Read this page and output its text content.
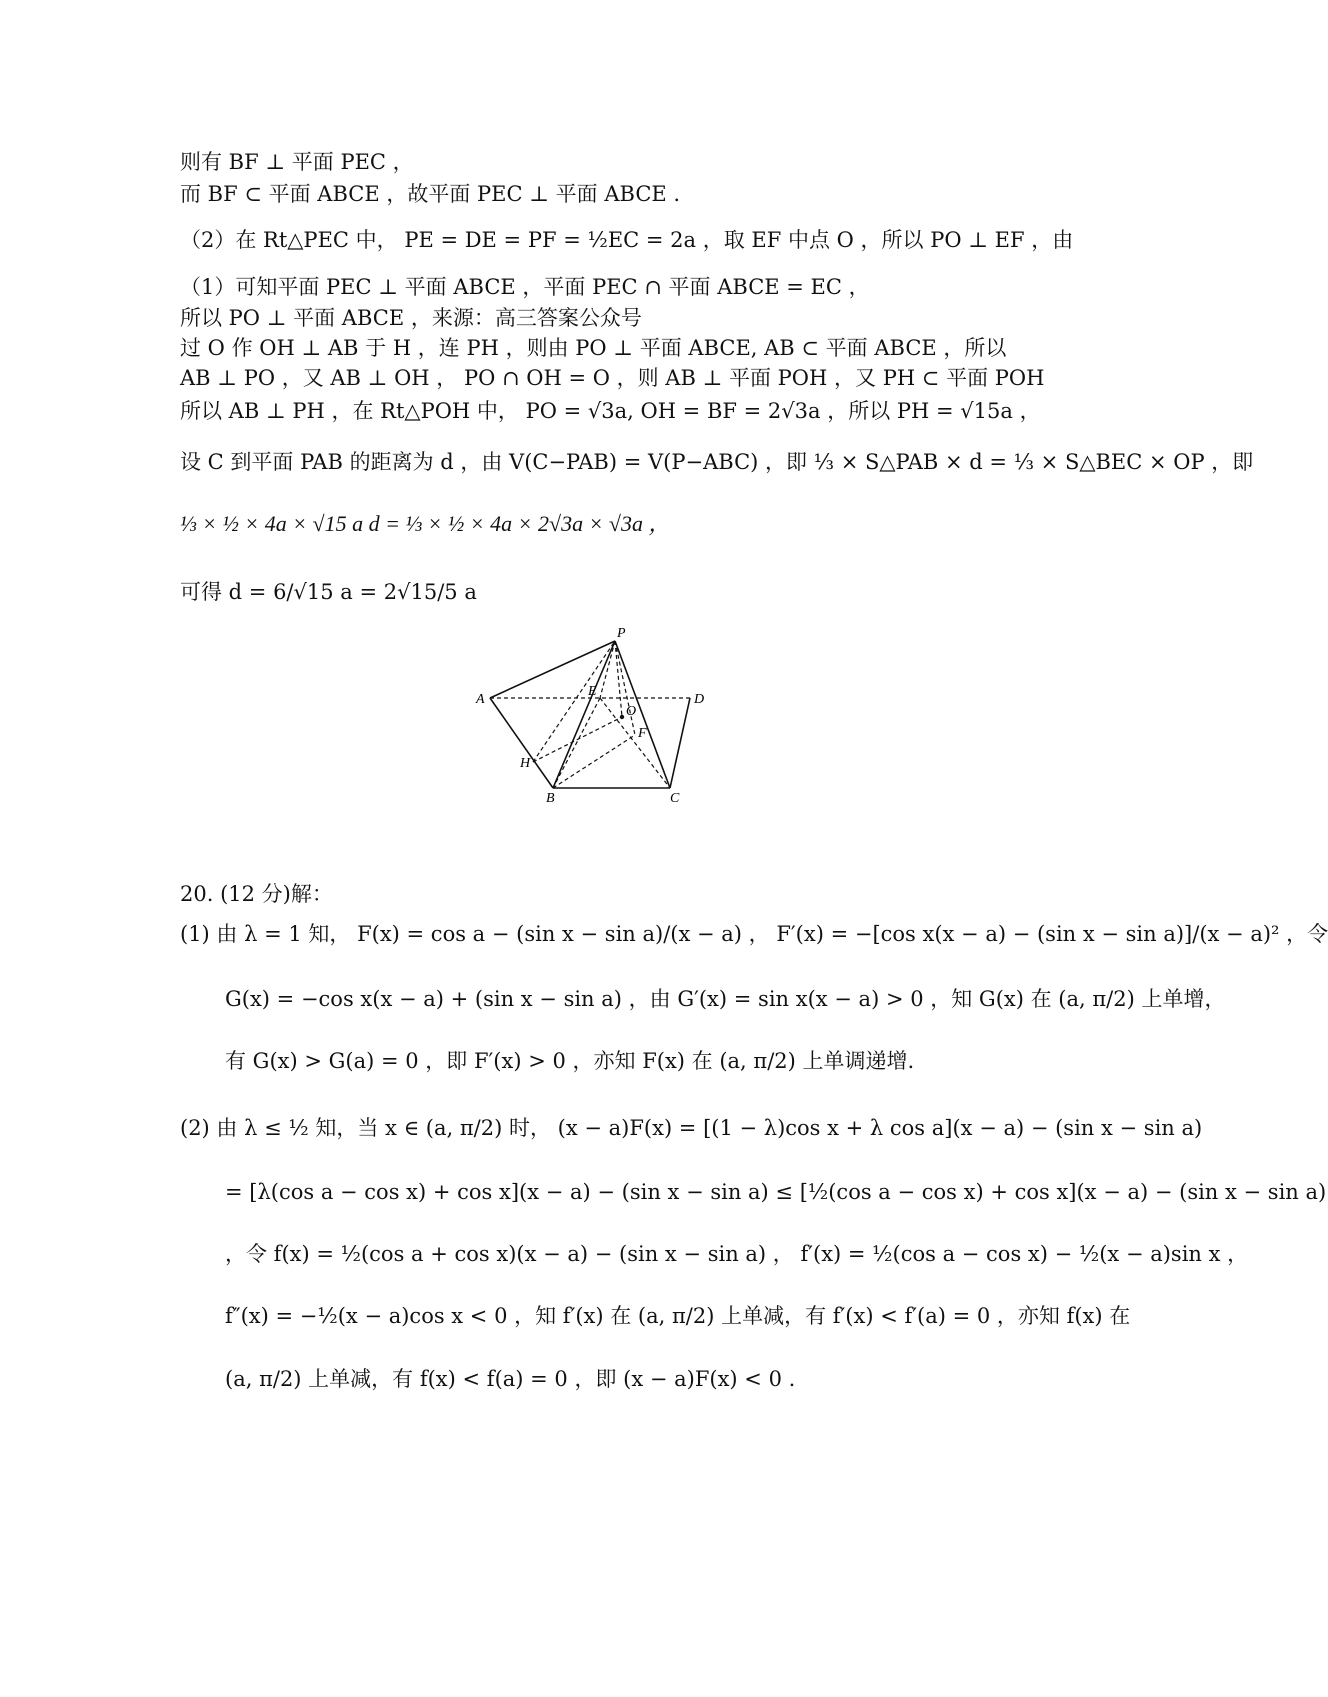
则有 BF ⊥ 平面 PEC ，
而 BF ⊂ 平面 ABCE ，故平面 PEC ⊥ 平面 ABCE .
（2）在 Rt△PEC 中， PE = DE = PF = ½EC = 2a ，取 EF 中点 O ，所以 PO ⊥ EF ，由
（1）可知平面 PEC ⊥ 平面 ABCE ，平面 PEC ∩ 平面 ABCE = EC ，
所以 PO ⊥ 平面 ABCE ，来源：高三答案公众号
过 O 作 OH ⊥ AB 于 H ，连 PH ，则由 PO ⊥ 平面 ABCE, AB ⊂ 平面 ABCE ，所以
AB ⊥ PO ，又 AB ⊥ OH ， PO ∩ OH = O ，则 AB ⊥ 平面 POH ，又 PH ⊂ 平面 POH
所以 AB ⊥ PH ，在 Rt△POH 中， PO = √3a, OH = BF = 2√3a ，所以 PH = √15a ，
设 C 到平面 PAB 的距离为 d ，由 V(C−PAB) = V(P−ABC) ，即 ⅓ × S△PAB × d = ⅓ × S△BEC × OP ，即
⅓ × ½ × 4a × √15 a d = ⅓ × ½ × 4a × 2√3a × √3a ，
可得 d = 6/√15 a = 2√15/5 a
P
A
E
D
O
F
H
B	C
20. (12 分)解：
(1) 由 λ = 1 知， F(x) = cos a − (sin x − sin a)/(x − a) ， F′(x) = −[cos x(x − a) − (sin x − sin a)]/(x − a)² ，令
G(x) = −cos x(x − a) + (sin x − sin a) ，由 G′(x) = sin x(x − a) > 0 ，知 G(x) 在 (a, π/2) 上单增，
有 G(x) > G(a) = 0 ，即 F′(x) > 0 ，亦知 F(x) 在 (a, π/2) 上单调递增.
(2) 由 λ ≤ ½ 知，当 x ∈ (a, π/2) 时， (x − a)F(x) = [(1 − λ)cos x + λ cos a](x − a) − (sin x − sin a)
= [λ(cos a − cos x) + cos x](x − a) − (sin x − sin a) ≤ [½(cos a − cos x) + cos x](x − a) − (sin x − sin a)
，令 f(x) = ½(cos a + cos x)(x − a) − (sin x − sin a) ， f′(x) = ½(cos a − cos x) − ½(x − a)sin x ，
f″(x) = −½(x − a)cos x < 0 ，知 f′(x) 在 (a, π/2) 上单减，有 f′(x) < f′(a) = 0 ，亦知 f(x) 在
(a, π/2) 上单减，有 f(x) < f(a) = 0 ，即 (x − a)F(x) < 0 .
